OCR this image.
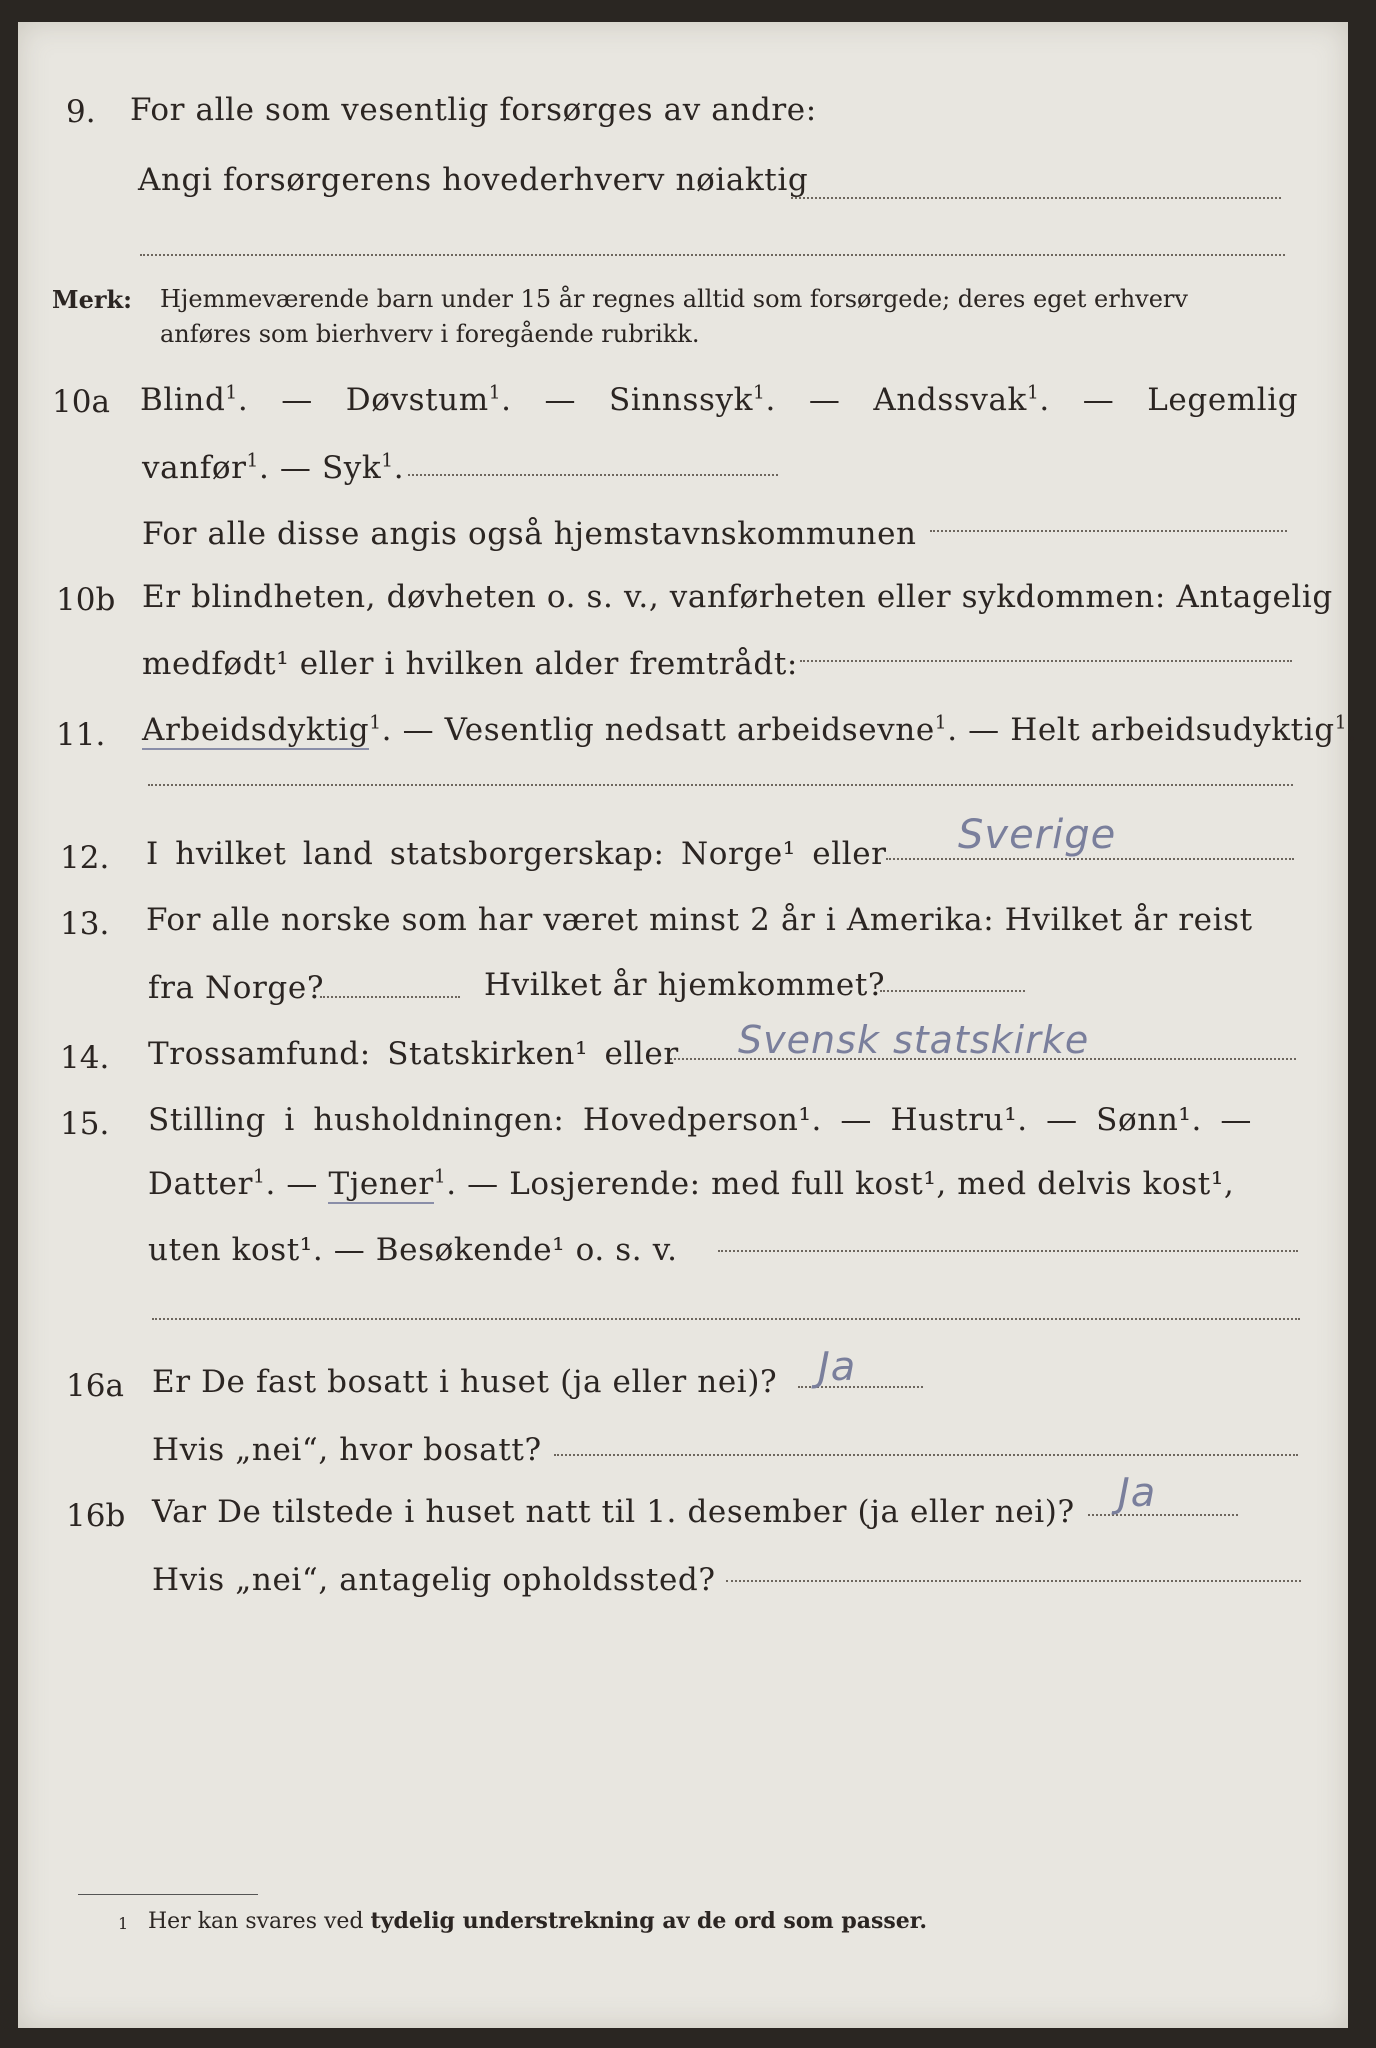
9. For alle som vesentlig forsørges av andre:
Angi forsørgerens hovederhverv nøiaktig
Merk: Hjemmeværende barn under 15 år regnes alltid som forsørgede; deres eget erhverv
anføres som bierhverv i foregående rubrikk.
10a Blind$^1$.  —  Døvstum$^1$.  —  Sinnssyk$^1$.  —  Andssvak$^1$.  —  Legemlig
vanfør$^1$. — Syk$^1$.
For alle disse angis også hjemstavnskommunen
10b Er blindheten, døvheten o. s. v., vanførheten eller sykdommen: Antagelig
medfødt¹ eller i hvilken alder fremtrådt:
11. Arbeidsdyktig$^1$. — Vesentlig nedsatt arbeidsevne$^1$. — Helt arbeidsudyktig$^1$.
12. I hvilket land statsborgerskap: Norge¹ eller Sverige
13. For alle norske som har været minst 2 år i Amerika: Hvilket år reist
fra Norge?	Hvilket år hjemkommet?
14. Trossamfund: Statskirken¹ eller Svensk statskirke
15. Stilling i husholdningen: Hovedperson¹. — Hustru¹. — Sønn¹. —
Datter$^1$. — Tjener$^1$. — Losjerende: med full kost¹, med delvis kost¹,
uten kost¹. — Besøkende¹ o. s. v.
16a Er De fast bosatt i huset (ja eller nei)? Ja
Hvis „nei“, hvor bosatt?
16b Var De tilstede i huset natt til 1. desember (ja eller nei)? Ja
Hvis „nei“, antagelig opholdssted?
1 Her kan svares ved tydelig understrekning av de ord som passer.
